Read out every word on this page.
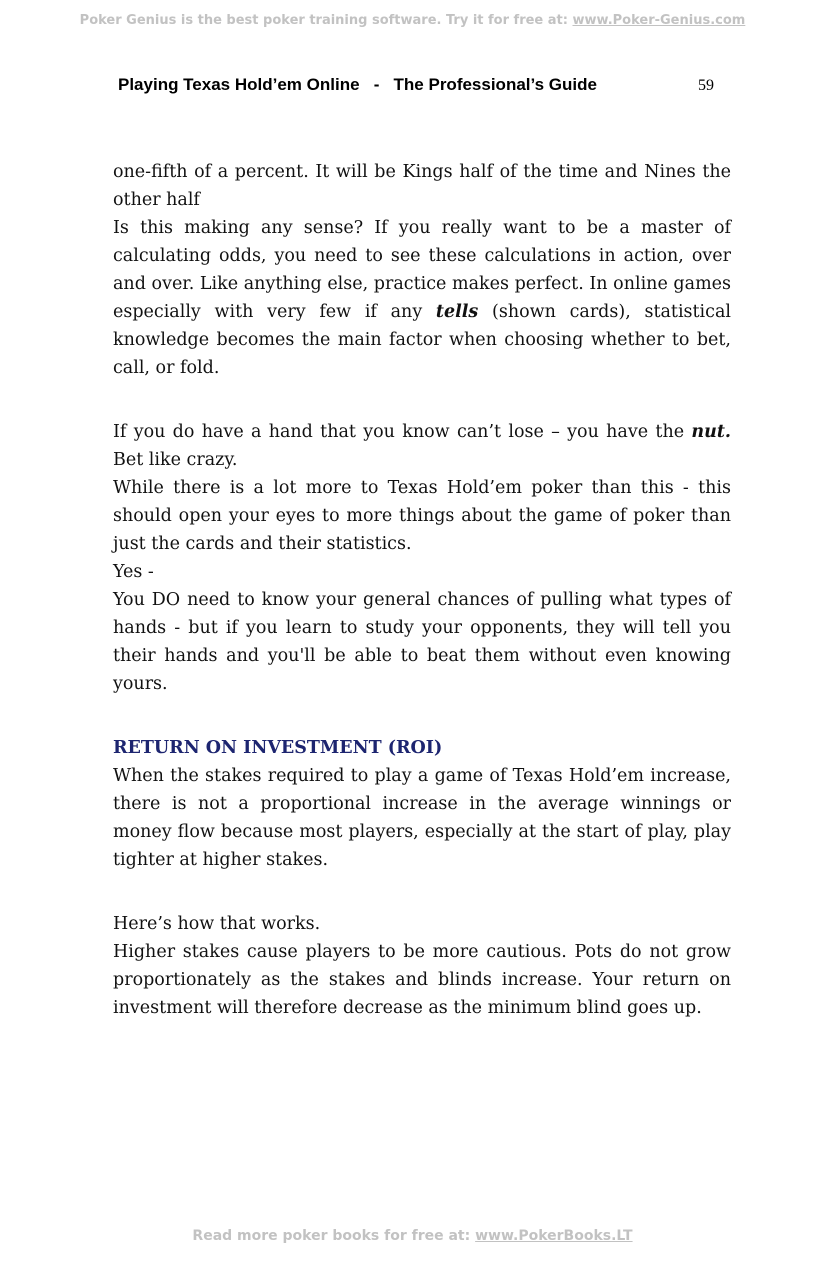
Poker Genius is the best poker training software. Try it for free at: www.Poker-Genius.com
Playing Texas Hold’em Online   -   The Professional’s Guide	59

one-fifth of a percent. It will be Kings half of the time and Nines the other half

Is this making any sense? If you really want to be a master of calculating odds, you need to see these calculations in action, over and over. Like anything else, practice makes perfect. In online games especially with very few if any tells (shown cards), statistical knowledge becomes the main factor when choosing whether to bet, call, or fold.

If you do have a hand that you know can’t lose – you have the nut. Bet like crazy.

While there is a lot more to Texas Hold’em poker than this - this should open your eyes to more things about the game of poker than just the cards and their statistics.

Yes -

You DO need to know your general chances of pulling what types of hands - but if you learn to study your opponents, they will tell you their hands and you'll be able to beat them without even knowing yours.

RETURN ON INVESTMENT (ROI)

When the stakes required to play a game of Texas Hold’em increase, there is not a proportional increase in the average winnings or money flow because most players, especially at the start of play, play tighter at higher stakes.

Here’s how that works.

Higher stakes cause players to be more cautious. Pots do not grow proportionately as the stakes and blinds increase. Your return on investment will therefore decrease as the minimum blind goes up.

Read more poker books for free at: www.PokerBooks.LT
